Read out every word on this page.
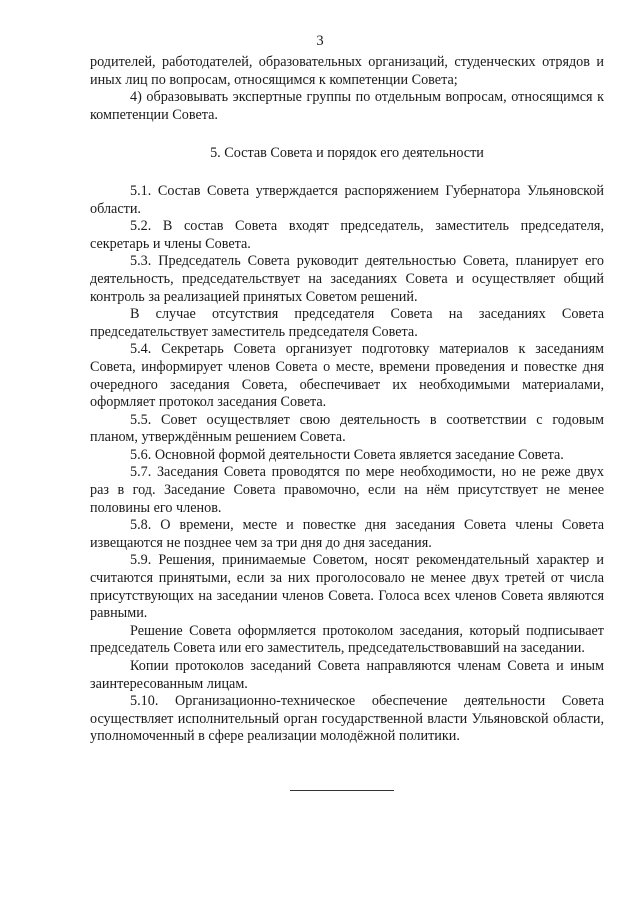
3

родителей, работодателей, образовательных организаций, студенческих отрядов и иных лиц по вопросам, относящимся к компетенции Совета;

4) образовывать экспертные группы по отдельным вопросам, относящимся к компетенции Совета.

5. Состав Совета и порядок его деятельности

5.1. Состав Совета утверждается распоряжением Губернатора Ульяновской области.

5.2. В состав Совета входят председатель, заместитель председателя, секретарь и члены Совета.

5.3. Председатель Совета руководит деятельностью Совета, планирует его деятельность, председательствует на заседаниях Совета и осуществляет общий контроль за реализацией принятых Советом решений.

В случае отсутствия председателя Совета на заседаниях Совета председательствует заместитель председателя Совета.

5.4. Секретарь Совета организует подготовку материалов к заседаниям Совета, информирует членов Совета о месте, времени проведения и повестке дня очередного заседания Совета, обеспечивает их необходимыми материалами, оформляет протокол заседания Совета.

5.5. Совет осуществляет свою деятельность в соответствии с годовым планом, утверждённым решением Совета.

5.6. Основной формой деятельности Совета является заседание Совета.

5.7. Заседания Совета проводятся по мере необходимости, но не реже двух раз в год. Заседание Совета правомочно, если на нём присутствует не менее половины его членов.

5.8. О времени, месте и повестке дня заседания Совета члены Совета извещаются не позднее чем за три дня до дня заседания.

5.9. Решения, принимаемые Советом, носят рекомендательный характер и считаются принятыми, если за них проголосовало не менее двух третей от числа присутствующих на заседании членов Совета. Голоса всех членов Совета являются равными.

Решение Совета оформляется протоколом заседания, который подписывает председатель Совета или его заместитель, председательствовавший на заседании.

Копии протоколов заседаний Совета направляются членам Совета и иным заинтересованным лицам.

5.10. Организационно-техническое обеспечение деятельности Совета осуществляет исполнительный орган государственной власти Ульяновской области, уполномоченный в сфере реализации молодёжной политики.
